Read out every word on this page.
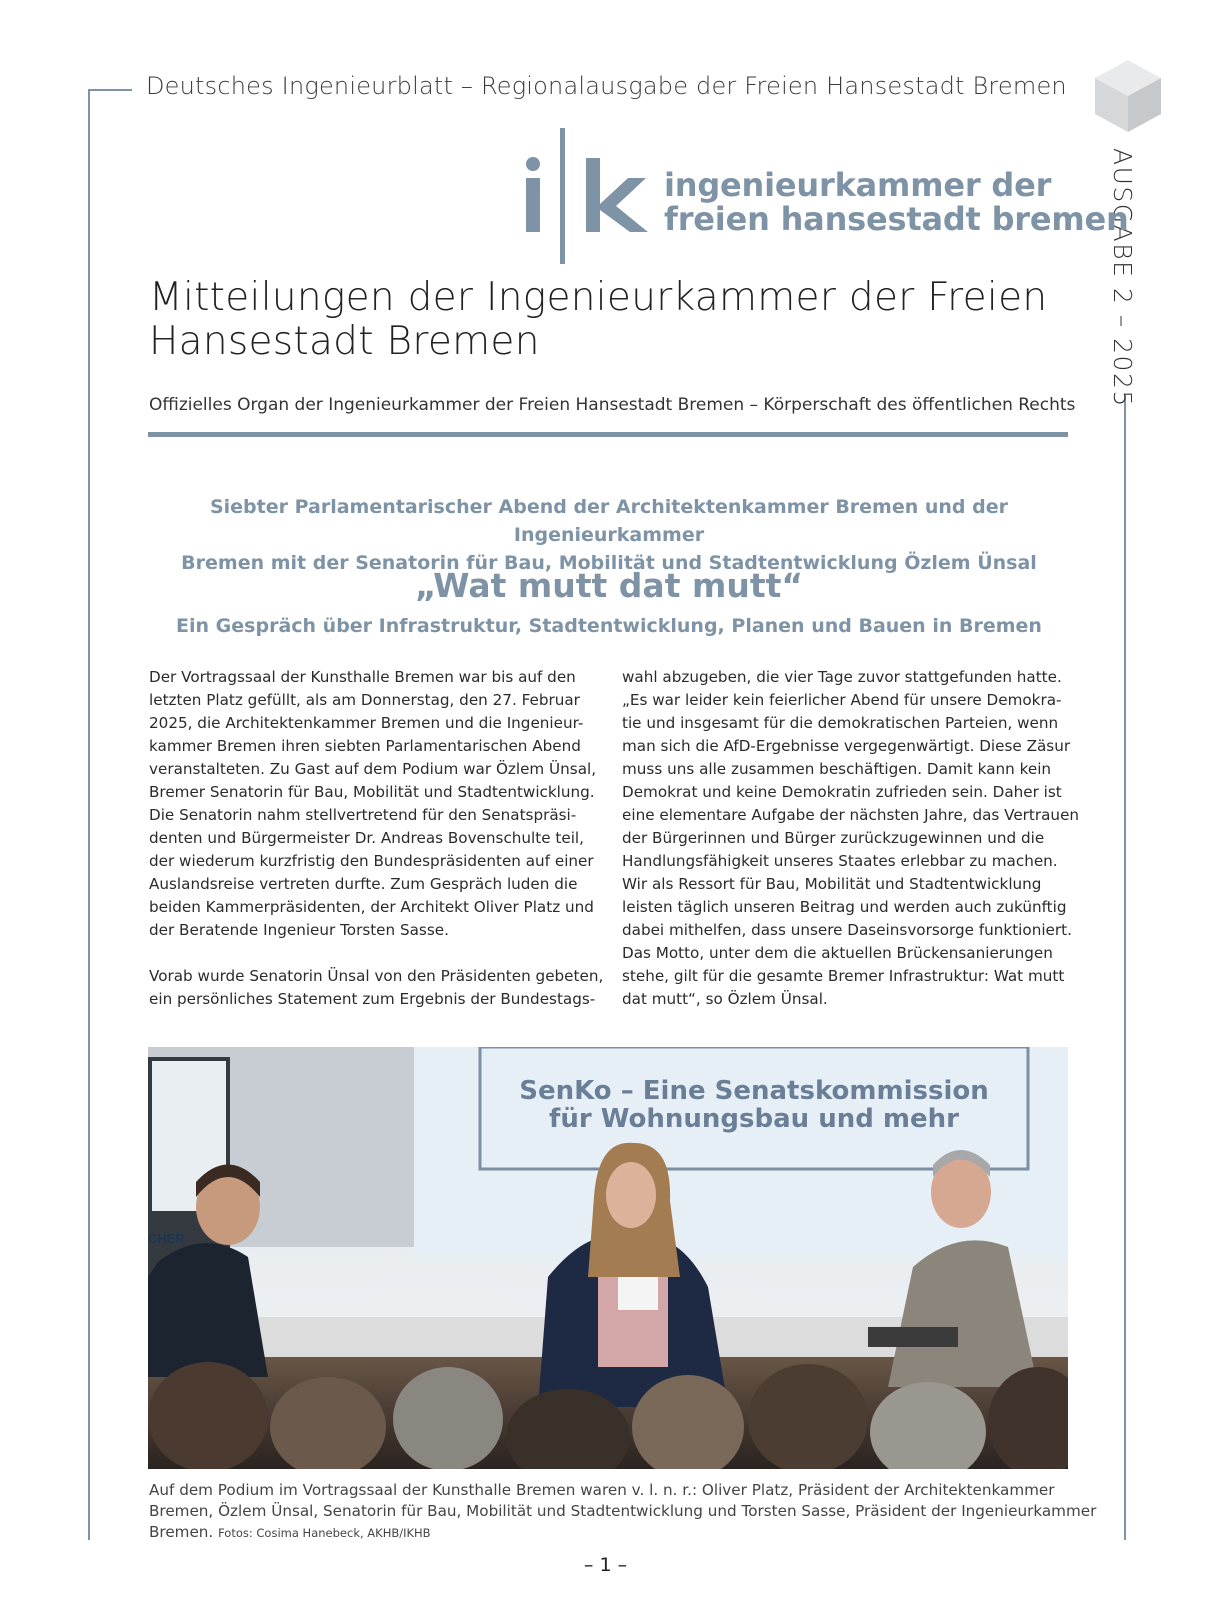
Deutsches Ingenieurblatt – Regionalausgabe der Freien Hansestadt Bremen
AUSGABE 2 – 2025
ingenieurkammer der
freien hansestadt bremen
Mitteilungen der Ingenieurkammer der Freien Hansestadt Bremen
Offizielles Organ der Ingenieurkammer der Freien Hansestadt Bremen – Körperschaft des öffentlichen Rechts
Siebter Parlamentarischer Abend der Architektenkammer Bremen und der Ingenieurkammer
Bremen mit der Senatorin für Bau, Mobilität und Stadtentwicklung Özlem Ünsal
„Wat mutt dat mutt“
Ein Gespräch über Infrastruktur, Stadtentwicklung, Planen und Bauen in Bremen

Der Vortragssaal der Kunsthalle Bremen war bis auf den
letzten Platz gefüllt, als am Donnerstag, den 27. Februar
2025, die Architektenkammer Bremen und die Ingenieur-
kammer Bremen ihren siebten Parlamentarischen Abend
veranstalteten. Zu Gast auf dem Podium war Özlem Ünsal,
Bremer Senatorin für Bau, Mobilität und Stadtentwicklung.
Die Senatorin nahm stellvertretend für den Senatspräsi-
denten und Bürgermeister Dr. Andreas Bovenschulte teil,
der wiederum kurzfristig den Bundespräsidenten auf einer
Auslandsreise vertreten durfte. Zum Gespräch luden die
beiden Kammerpräsidenten, der Architekt Oliver Platz und
der Beratende Ingenieur Torsten Sasse.

Vorab wurde Senatorin Ünsal von den Präsidenten gebeten,
ein persönliches Statement zum Ergebnis der Bundestags-

wahl abzugeben, die vier Tage zuvor stattgefunden hatte.
„Es war leider kein feierlicher Abend für unsere Demokra-
tie und insgesamt für die demokratischen Parteien, wenn
man sich die AfD-Ergebnisse vergegenwärtigt. Diese Zäsur
muss uns alle zusammen beschäftigen. Damit kann kein
Demokrat und keine Demokratin zufrieden sein. Daher ist
eine elementare Aufgabe der nächsten Jahre, das Vertrauen
der Bürgerinnen und Bürger zurückzugewinnen und die
Handlungsfähigkeit unseres Staates erlebbar zu machen.
Wir als Ressort für Bau, Mobilität und Stadtentwicklung
leisten täglich unseren Beitrag und werden auch zukünftig
dabei mithelfen, dass unsere Daseinsvorsorge funktioniert.
Das Motto, unter dem die aktuellen Brückensanierungen
stehe, gilt für die gesamte Bremer Infrastruktur: Wat mutt
dat mutt“, so Özlem Ünsal.

CHER
SenKo – Eine Senatskommission
für Wohnungsbau und mehr
Auf dem Podium im Vortragssaal der Kunsthalle Bremen waren v. l. n. r.: Oliver Platz, Präsident der Architektenkammer
Bremen, Özlem Ünsal, Senatorin für Bau, Mobilität und Stadtentwicklung und Torsten Sasse, Präsident der Ingenieurkammer
Bremen. Fotos: Cosima Hanebeck, AKHB/IKHB
– 1 –
